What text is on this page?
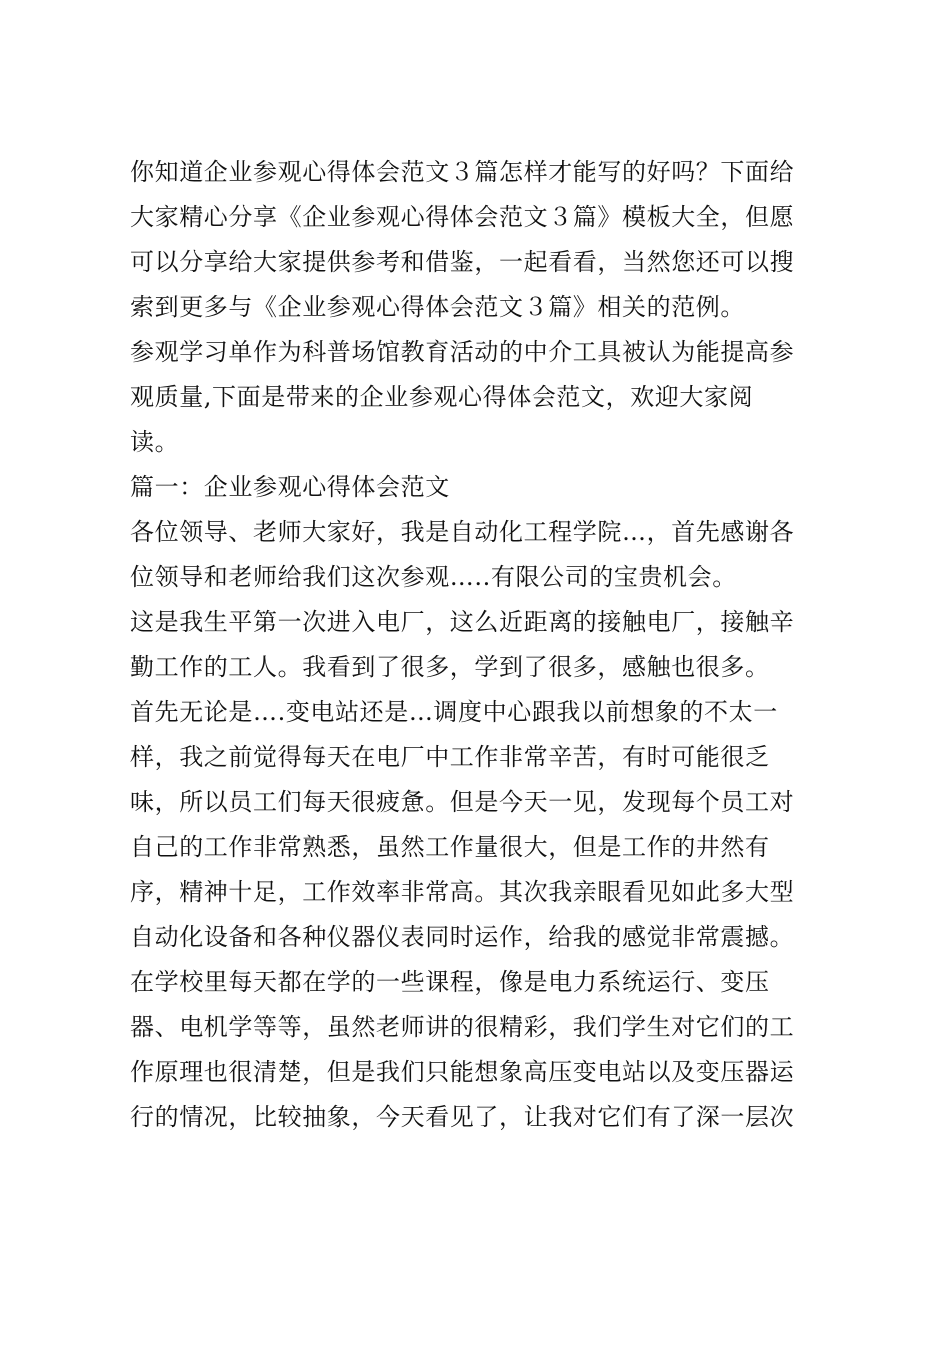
你知道企业参观心得体会范文３篇怎样才能写的好吗？下面给
大家精心分享《企业参观心得体会范文３篇》模板大全，但愿
可以分享给大家提供参考和借鉴，一起看看，当然您还可以搜
索到更多与《企业参观心得体会范文３篇》相关的范例。
参观学习单作为科普场馆教育活动的中介工具被认为能提高参
观质量,下面是带来的企业参观心得体会范文，欢迎大家阅
读。
篇一：企业参观心得体会范文
各位领导、老师大家好，我是自动化工程学院…，首先感谢各
位领导和老师给我们这次参观…..有限公司的宝贵机会。
这是我生平第一次进入电厂，这么近距离的接触电厂，接触辛
勤工作的工人。我看到了很多，学到了很多，感触也很多。
首先无论是….变电站还是…调度中心跟我以前想象的不太一
样，我之前觉得每天在电厂中工作非常辛苦，有时可能很乏
味，所以员工们每天很疲惫。但是今天一见，发现每个员工对
自己的工作非常熟悉，虽然工作量很大，但是工作的井然有
序，精神十足，工作效率非常高。其次我亲眼看见如此多大型
自动化设备和各种仪器仪表同时运作，给我的感觉非常震撼。
在学校里每天都在学的一些课程，像是电力系统运行、变压
器、电机学等等，虽然老师讲的很精彩，我们学生对它们的工
作原理也很清楚，但是我们只能想象高压变电站以及变压器运
行的情况，比较抽象，今天看见了，让我对它们有了深一层次
